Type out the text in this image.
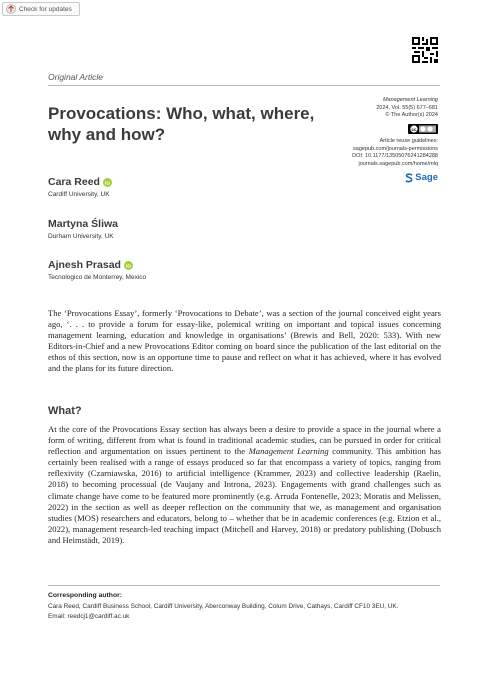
Check for updates
Original Article
Provocations: Who, what, where, why and how?
Management Learning
2024, Vol. 55(5) 677–681
© The Author(s) 2024
cc
Article reuse guidelines:
sagepub.com/journals-permissions
DOI: 10.1177/13505076241284288
journals.sagepub.com/home/mlq
Sage
Cara Reed iD
Cardiff University, UK
Martyna Śliwa
Durham University, UK
Ajnesh Prasad iD
Tecnologico de Monterrey, Mexico
The ‘Provocations Essay’, formerly ‘Provocations to Debate’, was a section of the journal conceived eight years ago, ‘. . . to provide a forum for essay-like, polemical writing on important and topical issues concerning management learning, education and knowledge in organisations’ (Brewis and Bell, 2020: 533). With new Editors-in-Chief and a new Provocations Editor coming on board since the publication of the last editorial on the ethos of this section, now is an opportune time to pause and reflect on what it has achieved, where it has evolved and the plans for its future direction.
What?
At the core of the Provocations Essay section has always been a desire to provide a space in the journal where a form of writing, different from what is found in traditional academic studies, can be pursued in order for critical reflection and argumentation on issues pertinent to the Management Learning community. This ambition has certainly been realised with a range of essays produced so far that encompass a variety of topics, ranging from reflexivity (Czarniawska, 2016) to artificial intelligence (Krammer, 2023) and collective leadership (Raelin, 2018) to becoming processual (de Vaujany and Introna, 2023). Engagements with grand challenges such as climate change have come to be featured more prominently (e.g. Arruda Fontenelle, 2023; Moratis and Melissen, 2022) in the section as well as deeper reflection on the community that we, as management and organisation studies (MOS) researchers and educators, belong to – whether that be in academic conferences (e.g. Etzion et al., 2022), management research-led teaching impact (Mitchell and Harvey, 2018) or predatory publishing (Dobusch and Heimstädt, 2019).
Corresponding author:
Cara Reed, Cardiff Business School, Cardiff University, Aberconway Building, Colum Drive, Cathays, Cardiff CF10 3EU, UK.
Email: reedcj1@cardiff.ac.uk
